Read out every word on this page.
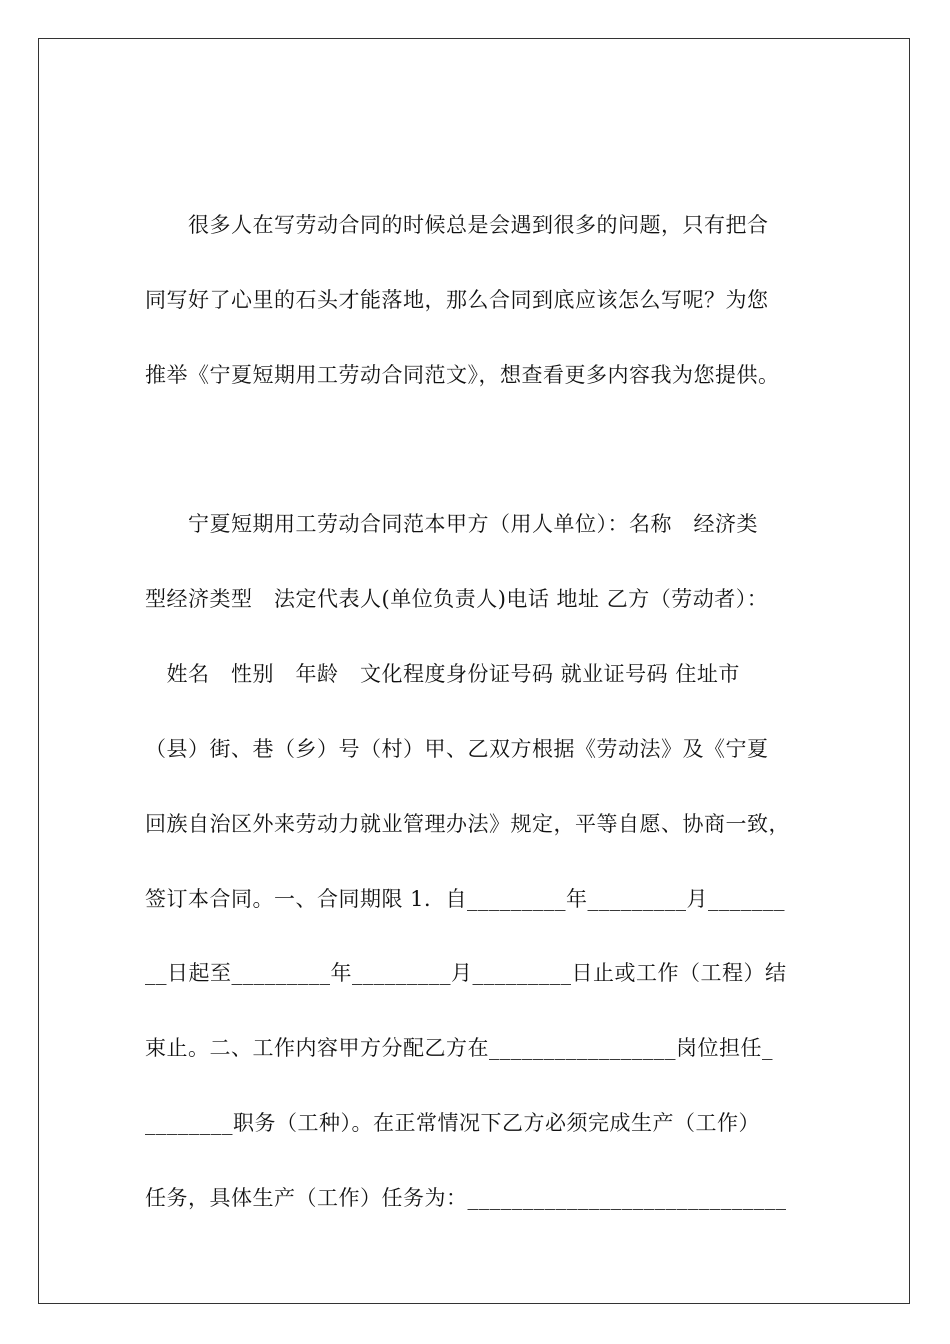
　　很多人在写劳动合同的时候总是会遇到很多的问题，只有把合
同写好了心里的石头才能落地，那么合同到底应该怎么写呢？为您
推举《宁夏短期用工劳动合同范文》，想查看更多内容我为您提供。
　　宁夏短期用工劳动合同范本甲方（用人单位）：名称　经济类
型经济类型　法定代表人(单位负责人)电话 地址 乙方（劳动者）：
　姓名　性别　年龄　文化程度身份证号码 就业证号码 住址市
（县）街、巷（乡）号（村）甲、乙双方根据《劳动法》及《宁夏
回族自治区外来劳动力就业管理办法》规定，平等自愿、协商一致，
签订本合同。一、合同期限 1．自_________年_________月_______
__日起至_________年_________月_________日止或工作（工程）结
束止。二、工作内容甲方分配乙方在_________________岗位担任_
________职务（工种）。在正常情况下乙方必须完成生产（工作）
任务，具体生产（工作）任务为：_____________________________
